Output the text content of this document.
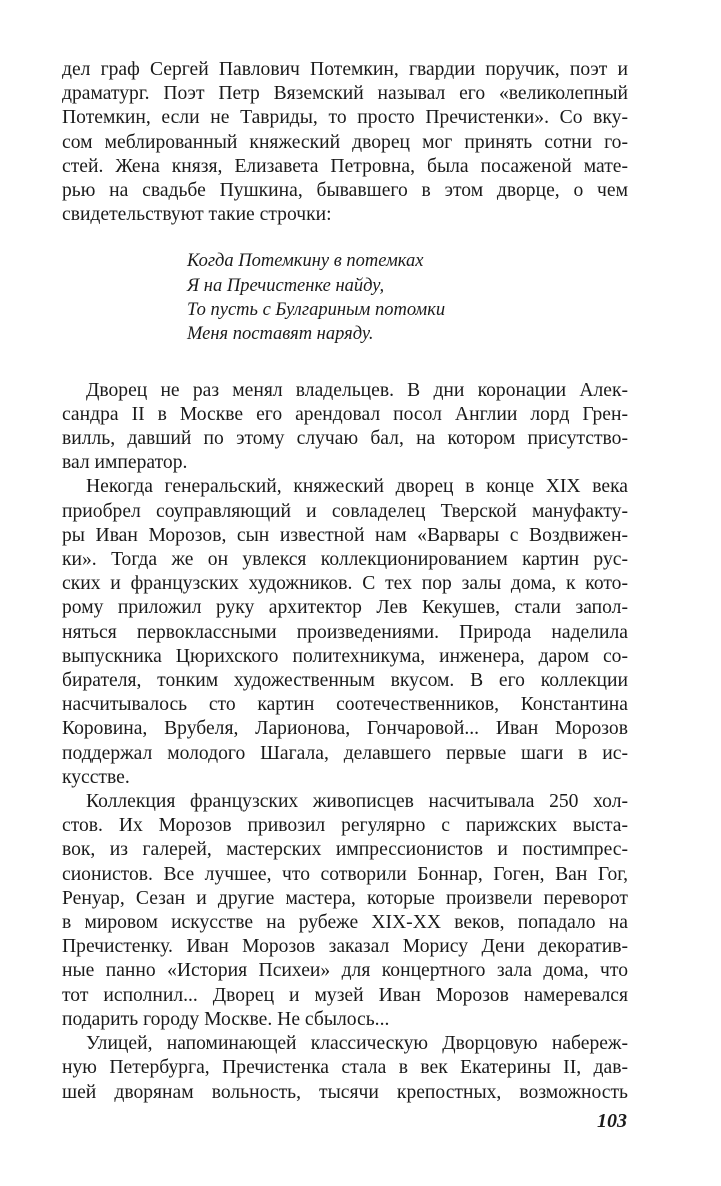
дел граф Сергей Павлович Потемкин, гвардии поручик, поэт и
драматург. Поэт Петр Вяземский называл его «великолепный
Потемкин, если не Тавриды, то просто Пречистенки». Со вку-
сом меблированный княжеский дворец мог принять сотни го-
стей. Жена князя, Елизавета Петровна, была посаженой мате-
рью на свадьбе Пушкина, бывавшего в этом дворце, о чем
свидетельствуют такие строчки:
Когда Потемкину в потемках
Я на Пречистенке найду,
То пусть с Булгариным потомки
Меня поставят наряду.
Дворец не раз менял владельцев. В дни коронации Алек-
сандра II в Москве его арендовал посол Англии лорд Грен-
вилль, давший по этому случаю бал, на котором присутство-
вал император.
Некогда генеральский, княжеский дворец в конце XIX века
приобрел соуправляющий и совладелец Тверской мануфакту-
ры Иван Морозов, сын известной нам «Варвары с Воздвижен-
ки». Тогда же он увлекся коллекционированием картин рус-
ских и французских художников. С тех пор залы дома, к кото-
рому приложил руку архитектор Лев Кекушев, стали запол-
няться первоклассными произведениями. Природа наделила
выпускника Цюрихского политехникума, инженера, даром со-
бирателя, тонким художественным вкусом. В его коллекции
насчитывалось сто картин соотечественников, Константина
Коровина, Врубеля, Ларионова, Гончаровой... Иван Морозов
поддержал молодого Шагала, делавшего первые шаги в ис-
кусстве.
Коллекция французских живописцев насчитывала 250 хол-
стов. Их Морозов привозил регулярно с парижских выста-
вок, из галерей, мастерских импрессионистов и постимпрес-
сионистов. Все лучшее, что сотворили Боннар, Гоген, Ван Гог,
Ренуар, Сезан и другие мастера, которые произвели переворот
в мировом искусстве на рубеже XIX-XX веков, попадало на
Пречистенку. Иван Морозов заказал Морису Дени декоратив-
ные панно «История Психеи» для концертного зала дома, что
тот исполнил... Дворец и музей Иван Морозов намеревался
подарить городу Москве. Не сбылось...
Улицей, напоминающей классическую Дворцовую набереж-
ную Петербурга, Пречистенка стала в век Екатерины II, дав-
шей дворянам вольность, тысячи крепостных, возможность
103
